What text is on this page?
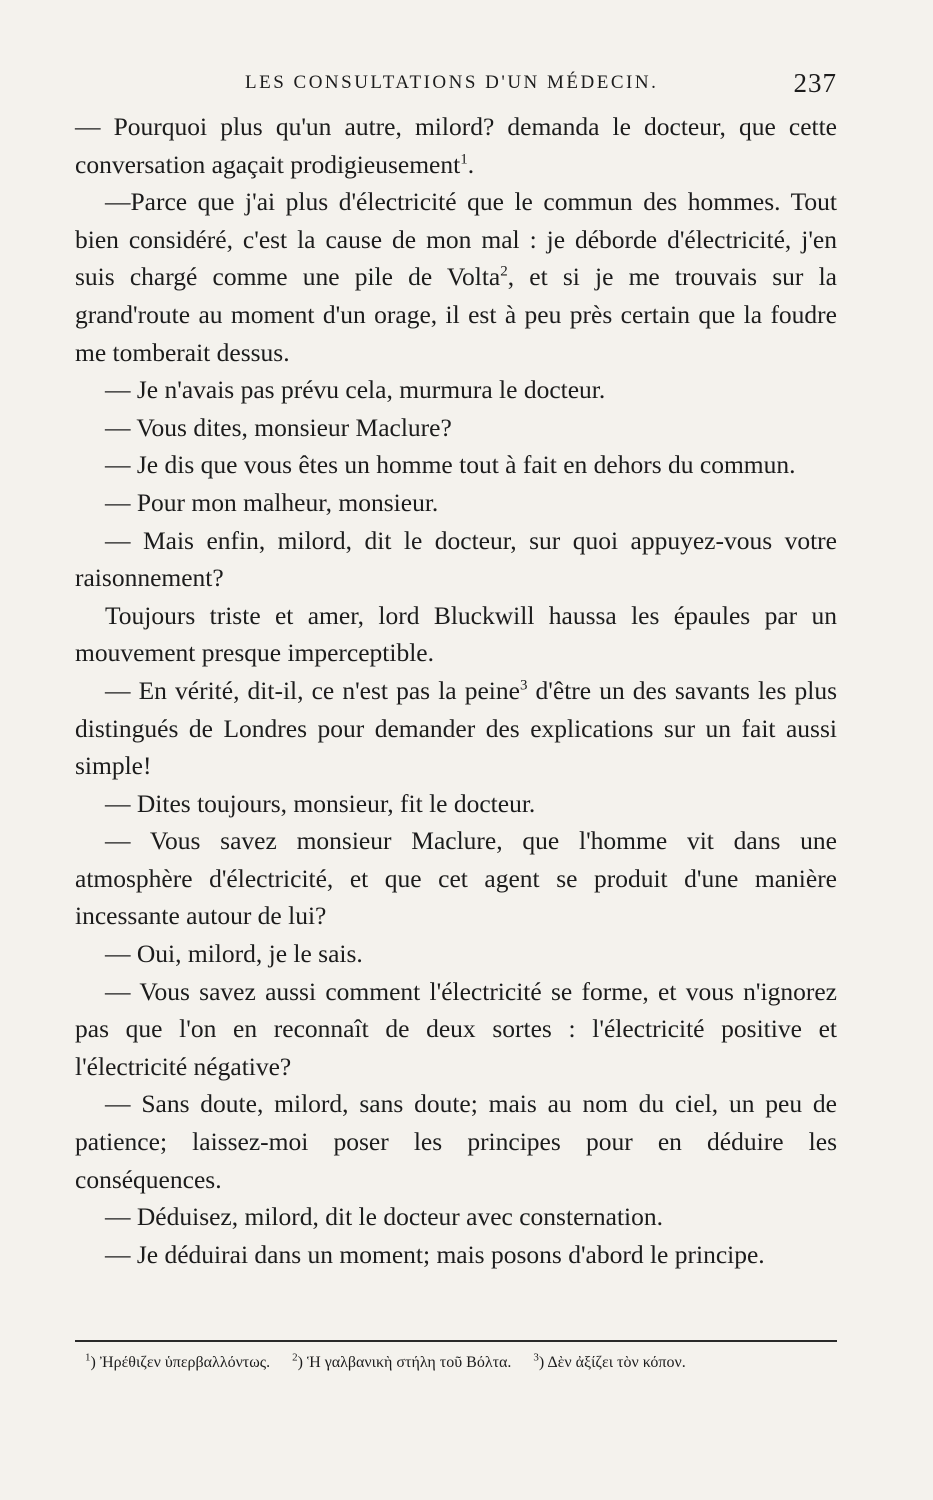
LES CONSULTATIONS D'UN MÉDECIN.	237

— Pourquoi plus qu'un autre, milord? demanda le docteur, que cette conversation agaçait prodigieusement$^1$.

—Parce que j'ai plus d'électricité que le commun des hommes. Tout bien considéré, c'est la cause de mon mal : je déborde d'électricité, j'en suis chargé comme une pile de Volta$^2$, et si je me trouvais sur la grand'route au moment d'un orage, il est à peu près certain que la foudre me tomberait dessus.

— Je n'avais pas prévu cela, murmura le docteur.

— Vous dites, monsieur Maclure?

— Je dis que vous êtes un homme tout à fait en dehors du commun.

— Pour mon malheur, monsieur.

— Mais enfin, milord, dit le docteur, sur quoi appuyez-vous votre raisonnement?

Toujours triste et amer, lord Bluckwill haussa les épaules par un mouvement presque imperceptible.

— En vérité, dit-il, ce n'est pas la peine$^3$ d'être un des savants les plus distingués de Londres pour demander des explications sur un fait aussi simple!

— Dites toujours, monsieur, fit le docteur.

— Vous savez monsieur Maclure, que l'homme vit dans une atmosphère d'électricité, et que cet agent se produit d'une manière incessante autour de lui?

— Oui, milord, je le sais.

— Vous savez aussi comment l'électricité se forme, et vous n'ignorez pas que l'on en reconnaît de deux sortes : l'électricité positive et l'électricité négative?

— Sans doute, milord, sans doute; mais au nom du ciel, un peu de patience; laissez-moi poser les principes pour en déduire les conséquences.

— Déduisez, milord, dit le docteur avec consternation.

— Je déduirai dans un moment; mais posons d'abord le principe.

$^1$) Ἠρέθιζεν ὑπερβαλλόντως. $^2$) Ἡ γαλβανικὴ στήλη τοῦ Βόλτα. $^3$) Δὲν ἀξίζει τὸν κόπον.
